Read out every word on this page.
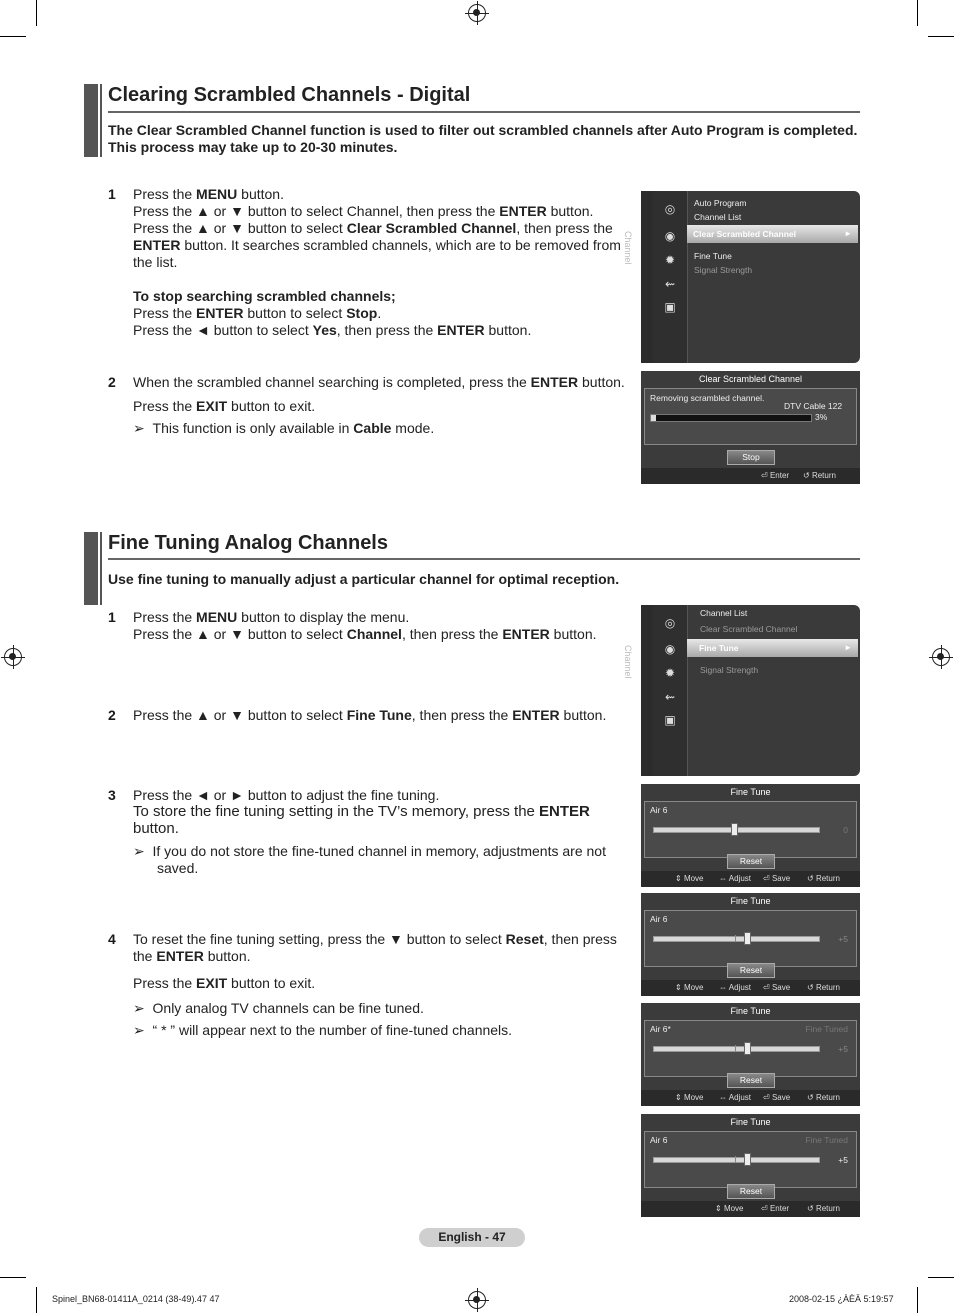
Clearing Scrambled Channels - Digital
The Clear Scrambled Channel function is used to filter out scrambled channels after Auto Program is completed.
This process may take up to 20-30 minutes.
1 Press the MENU button.
Press the ▲ or ▼ button to select Channel, then press the ENTER button.
Press the ▲ or ▼ button to select Clear Scrambled Channel, then press the
ENTER button. It searches scrambled channels, which are to be removed from
the list.

To stop searching scrambled channels;
Press the ENTER button to select Stop.
Press the ◄ button to select Yes, then press the ENTER button.
2 When the scrambled channel searching is completed, press the ENTER button.
Press the EXIT button to exit.
➢ This function is only available in Cable mode.
Channel
◎
◉
✹
⇜
▣
Auto Program
Channel List
Clear Scrambled Channel	►
Fine Tune
Signal Strength
Clear Scrambled Channel
Removing scrambled channel.
DTV Cable 122
3%
Stop
⏎ Enter ↺ Return
Fine Tuning Analog Channels
Use fine tuning to manually adjust a particular channel for optimal reception.
1 Press the MENU button to display the menu.
Press the ▲ or ▼ button to select Channel, then press the ENTER button.
2 Press the ▲ or ▼ button to select Fine Tune, then press the ENTER button.
3 Press the ◄ or ► button to adjust the fine tuning.
To store the fine tuning setting in the TV’s memory, press the ENTER
button.
➢ If you do not store the fine-tuned channel in memory, adjustments are not
saved.
4 To reset the fine tuning setting, press the ▼ button to select Reset, then press
the ENTER button.
Press the EXIT button to exit.
➢ Only analog TV channels can be fine tuned.
➢ “ * ” will appear next to the number of fine-tuned channels.
Channel
◎
◉
✹
⇜
▣
Channel List
Clear Scrambled Channel
Fine Tune	►
Signal Strength
Fine Tune
Air 6
0
Reset
⇕ Move ⇔ Adjust ⏎ Save ↺ Return
Fine Tune
Air 6
+5
Reset
⇕ Move ⇔ Adjust ⏎ Save ↺ Return
Fine Tune
Air 6*	Fine Tuned
+5
Reset
⇕ Move ⇔ Adjust ⏎ Save ↺ Return
Fine Tune
Air 6	Fine Tuned
+5
Reset
⇕ Move ⏎ Enter ↺ Return
English - 47
Spinel_BN68-01411A_0214 (38-49).47 47	2008-02-15 ¿ÀÈÄ 5:19:57
